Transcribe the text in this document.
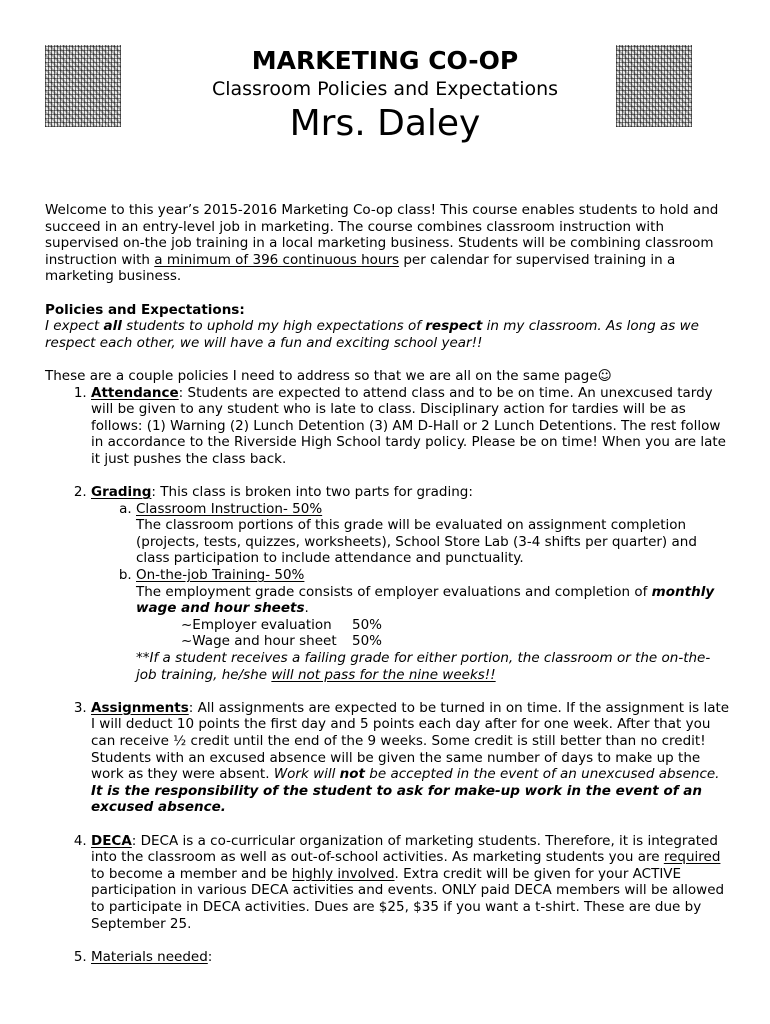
MARKETING CO-OP
Classroom Policies and Expectations
Mrs. Daley

Welcome to this year’s 2015-2016 Marketing Co-op class! This course enables students to hold and succeed in an entry-level job in marketing. The course combines classroom instruction with supervised on-the job training in a local marketing business. Students will be combining classroom instruction with a minimum of 396 continuous hours per calendar for supervised training in a marketing business.

Policies and Expectations:

I expect all students to uphold my high expectations of respect in my classroom. As long as we respect each other, we will have a fun and exciting school year!!

These are a couple policies I need to address so that we are all on the same page☺

1. Attendance: Students are expected to attend class and to be on time. An unexcused tardy will be given to any student who is late to class. Disciplinary action for tardies will be as follows: (1) Warning (2) Lunch Detention (3) AM D-Hall or 2 Lunch Detentions. The rest follow in accordance to the Riverside High School tardy policy. Please be on time! When you are late it just pushes the class back.
2. Grading: This class is broken into two parts for grading:
a. Classroom Instruction- 50%
The classroom portions of this grade will be evaluated on assignment completion (projects, tests, quizzes, worksheets), School Store Lab (3-4 shifts per quarter) and class participation to include attendance and punctuality.
b. On-the-job Training- 50%
The employment grade consists of employer evaluations and completion of monthly wage and hour sheets.
~Employer evaluation 50%
~Wage and hour sheet 50%
**If a student receives a failing grade for either portion, the classroom or the on-the-job training, he/she will not pass for the nine weeks!!
3. Assignments: All assignments are expected to be turned in on time. If the assignment is late I will deduct 10 points the first day and 5 points each day after for one week. After that you can receive ½ credit until the end of the 9 weeks. Some credit is still better than no credit! Students with an excused absence will be given the same number of days to make up the work as they were absent. Work will not be accepted in the event of an unexcused absence. It is the responsibility of the student to ask for make-up work in the event of an excused absence.
4. DECA: DECA is a co-curricular organization of marketing students. Therefore, it is integrated into the classroom as well as out-of-school activities. As marketing students you are required to become a member and be highly involved. Extra credit will be given for your ACTIVE participation in various DECA activities and events. ONLY paid DECA members will be allowed to participate in DECA activities. Dues are $25, $35 if you want a t-shirt. These are due by September 25.
5. Materials needed:
